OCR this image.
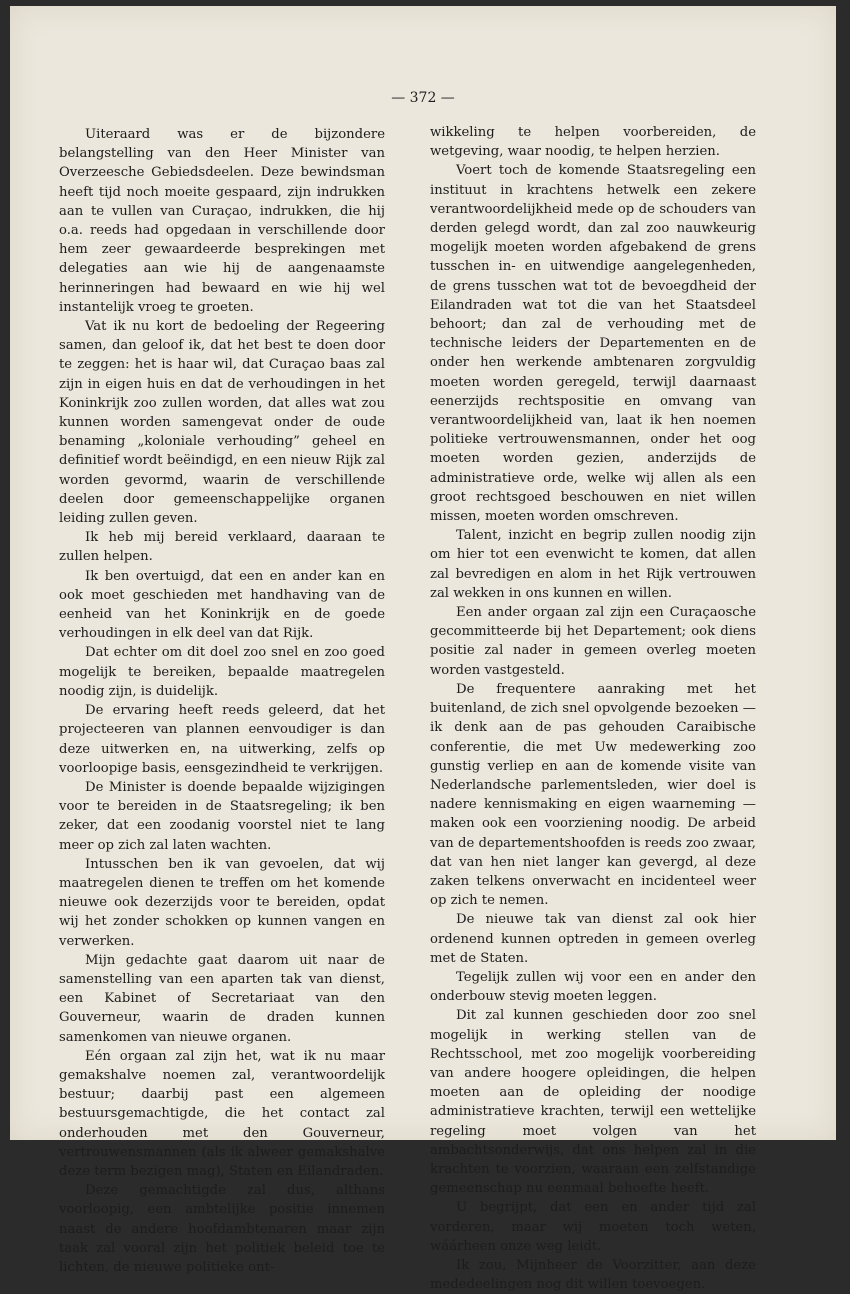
— 372 —

Uiteraard was er de bijzondere belangstelling van den Heer Minister van Overzeesche Gebiedsdeelen. Deze bewindsman heeft tijd noch moeite gespaard, zijn indrukken aan te vullen van Curaçao, indrukken, die hij o.a. reeds had opgedaan in verschillende door hem zeer gewaardeerde besprekingen met delegaties aan wie hij de aangenaamste herinneringen had bewaard en wie hij wel instantelijk vroeg te groeten.

Vat ik nu kort de bedoeling der Regeering samen, dan geloof ik, dat het best te doen door te zeggen: het is haar wil, dat Curaçao baas zal zijn in eigen huis en dat de verhoudingen in het Koninkrijk zoo zullen worden, dat alles wat zou kunnen worden samengevat onder de oude benaming „koloniale verhouding” geheel en definitief wordt beëindigd, en een nieuw Rijk zal worden gevormd, waarin de verschillende deelen door gemeenschappelijke organen leiding zullen geven.

Ik heb mij bereid verklaard, daaraan te zullen helpen.

Ik ben overtuigd, dat een en ander kan en ook moet geschieden met handhaving van de eenheid van het Koninkrijk en de goede verhoudingen in elk deel van dat Rijk.

Dat echter om dit doel zoo snel en zoo goed mogelijk te bereiken, bepaalde maatregelen noodig zijn, is duidelijk.

De ervaring heeft reeds geleerd, dat het projecteeren van plannen eenvoudiger is dan deze uitwerken en, na uitwerking, zelfs op voorloopige basis, eensgezindheid te verkrijgen.

De Minister is doende bepaalde wijzigingen voor te bereiden in de Staatsregeling; ik ben zeker, dat een zoodanig voorstel niet te lang meer op zich zal laten wachten.

Intusschen ben ik van gevoelen, dat wij maatregelen dienen te treffen om het komende nieuwe ook dezerzijds voor te bereiden, opdat wij het zonder schokken op kunnen vangen en verwerken.

Mijn gedachte gaat daarom uit naar de samenstelling van een aparten tak van dienst, een Kabinet of Secretariaat van den Gouverneur, waarin de draden kunnen samenkomen van nieuwe organen.

Eén orgaan zal zijn het, wat ik nu maar gemakshalve noemen zal, verantwoordelijk bestuur; daarbij past een algemeen bestuursgemachtigde, die het contact zal onderhouden met den Gouverneur, vertrouwensmannen (als ik alweer gemakshalve deze term bezigen mag), Staten en Eilandraden.

Deze gemachtigde zal dus, althans voorloopig, een ambtelijke positie innemen naast de andere hoofdambtenaren maar zijn taak zal vooral zijn het politiek beleid toe te lichten, de nieuwe politieke ont-

wikkeling te helpen voorbereiden, de wetgeving, waar noodig, te helpen herzien.

Voert toch de komende Staatsregeling een instituut in krachtens hetwelk een zekere verantwoordelijkheid mede op de schouders van derden gelegd wordt, dan zal zoo nauwkeurig mogelijk moeten worden afgebakend de grens tusschen in- en uitwendige aangelegenheden, de grens tusschen wat tot de bevoegdheid der Eilandraden wat tot die van het Staatsdeel behoort; dan zal de verhouding met de technische leiders der Departementen en de onder hen werkende ambtenaren zorgvuldig moeten worden geregeld, terwijl daarnaast eenerzijds rechtspositie en omvang van verantwoordelijkheid van, laat ik hen noemen politieke vertrouwensmannen, onder het oog moeten worden gezien, anderzijds de administratieve orde, welke wij allen als een groot rechtsgoed beschouwen en niet willen missen, moeten worden omschreven.

Talent, inzicht en begrip zullen noodig zijn om hier tot een evenwicht te komen, dat allen zal bevredigen en alom in het Rijk vertrouwen zal wekken in ons kunnen en willen.

Een ander orgaan zal zijn een Curaçaosche gecommitteerde bij het Departement; ook diens positie zal nader in gemeen overleg moeten worden vastgesteld.

De frequentere aanraking met het buitenland, de zich snel opvolgende bezoeken — ik denk aan de pas gehouden Caraibische conferentie, die met Uw medewerking zoo gunstig verliep en aan de komende visite van Nederlandsche parlementsleden, wier doel is nadere kennismaking en eigen waarneming — maken ook een voorziening noodig. De arbeid van de departementshoofden is reeds zoo zwaar, dat van hen niet langer kan gevergd, al deze zaken telkens onverwacht en incidenteel weer op zich te nemen.

De nieuwe tak van dienst zal ook hier ordenend kunnen optreden in gemeen overleg met de Staten.

Tegelijk zullen wij voor een en ander den onderbouw stevig moeten leggen.

Dit zal kunnen geschieden door zoo snel mogelijk in werking stellen van de Rechtsschool, met zoo mogelijk voorbereiding van andere hoogere opleidingen, die helpen moeten aan de opleiding der noodige administratieve krachten, terwijl een wettelijke regeling moet volgen van het ambachtsonderwijs, dat ons helpen zal in die krachten te voorzien, waaraan een zelfstandige gemeenschap nu eenmaal behoefte heeft.

U begrijpt, dat een en ander tijd zal vorderen, maar wij moeten toch weten, wáárheen onze weg leidt.

Ik zou, Mijnheer de Voorzitter, aan deze mededeelingen nog dit willen toevoegen.
